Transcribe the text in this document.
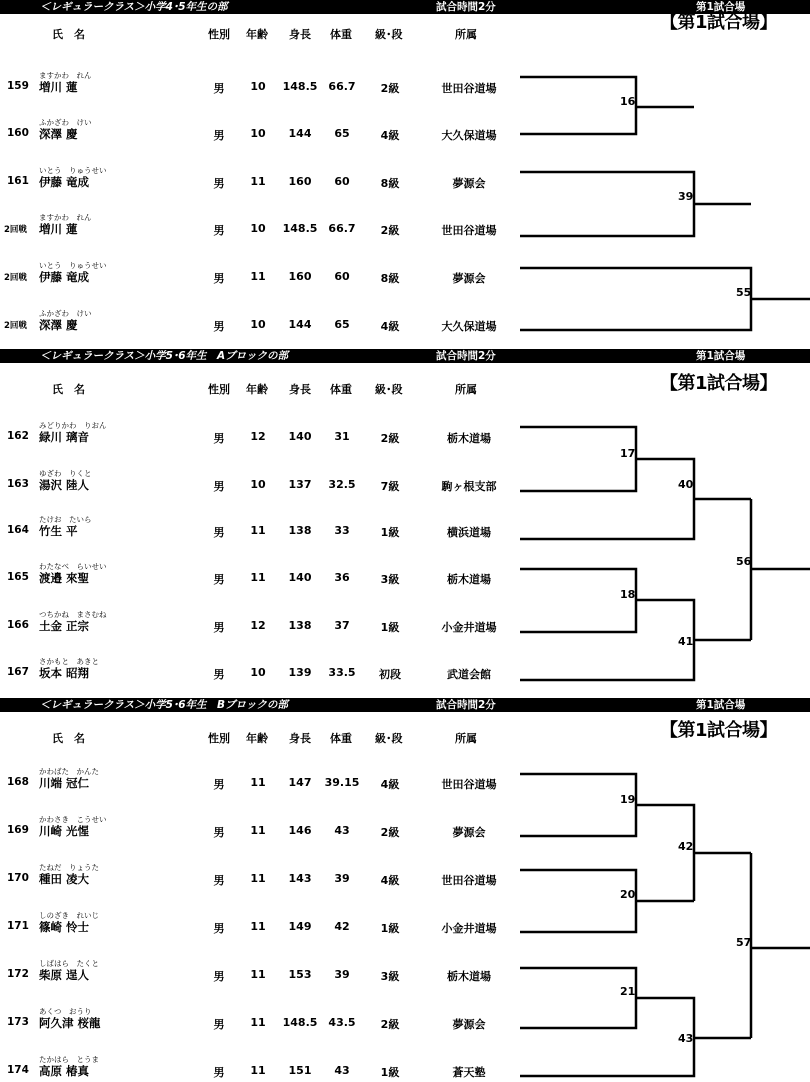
＜レギュラークラス＞小学4･5年生の部	試合時間2分	第1試合場
【第1試合場】
氏　名	性別 年齢 身長 体重 級･段	所属
ますかわ　れん
159 増川 蓮	男 10 148.5 66.7 2級	世田谷道場
ふかざわ　けい
160 深澤 慶	男 10 144 65	4級	大久保道場
いとう　りゅうせい
161 伊藤 竜成	男 11 160 60	8級	夢源会
ますかわ　れん
2回戦 増川 蓮	男 10 148.5 66.7 2級	世田谷道場
いとう　りゅうせい
2回戦 伊藤 竜成	男 11 160 60	8級	夢源会
ふかざわ　けい
2回戦 深澤 慶	男 10 144 65	4級	大久保道場
16
39
55
＜レギュラークラス＞小学5･6年生　Aブロックの部	試合時間2分	第1試合場
【第1試合場】
氏　名	性別 年齢 身長 体重 級･段	所属
みどりかわ　りおん
162 緑川 璃音	男 12 140 31	2級	栃木道場
ゆざわ　りくと
163 湯沢 陸人	男 10 137 32.5 7級	駒ヶ根支部
たけお　たいら
164 竹生 平	男 11 138 33	1級	横浜道場
わたなべ　らいせい
165 渡邉 來聖	男 11 140 36	3級	栃木道場
つちかね　まさむね
166 土金 正宗	男 12 138 37	1級	小金井道場
さかもと　あきと
167 坂本 昭翔	男 10 139 33.5 初段	武道会館
17
40
18
41
56
＜レギュラークラス＞小学5･6年生　Bブロックの部	試合時間2分	第1試合場
【第1試合場】
氏　名	性別 年齢 身長 体重 級･段	所属
かわばた　かんた
168 川端 冠仁	男 11 147 39.15 4級	世田谷道場
かわさき　こうせい
169 川崎 光惺	男 11 146 43	2級	夢源会
たねだ　りょうた
170 種田 凌大	男 11 143 39	4級	世田谷道場
しのざき　れいじ
171 篠崎 怜士	男 11 149 42	1級	小金井道場
しばはら　たくと
172 柴原 逞人	男 11 153 39	3級	栃木道場
あくつ　おうり
173 阿久津 桜龍	男 11 148.5 43.5 2級	夢源会
たかはら　とうま
174 高原 椿真	男 11 151 43	1級	蒼天塾
19
42
20
57
21
43
